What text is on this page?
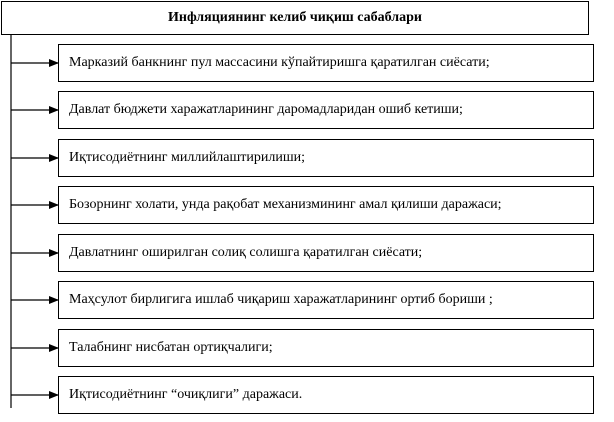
Инфляциянинг келиб чиқиш сабаблари
Марказий банкнинг пул массасини кўпайтиришга қаратилган сиёсати;
Давлат бюджети харажатларининг даромадларидан ошиб кетиши;
Иқтисодиётнинг миллийлаштирилиши;
Бозорнинг холати, унда рақобат механизмининг амал қилиши даражаси;
Давлатнинг оширилган солиқ солишга қаратилган сиёсати;
Маҳсулот бирлигига ишлаб чиқариш харажатларининг ортиб бориши ;
Талабнинг нисбатан ортиқчалиги;
Иқтисодиётнинг “очиқлиги” даражаси.
